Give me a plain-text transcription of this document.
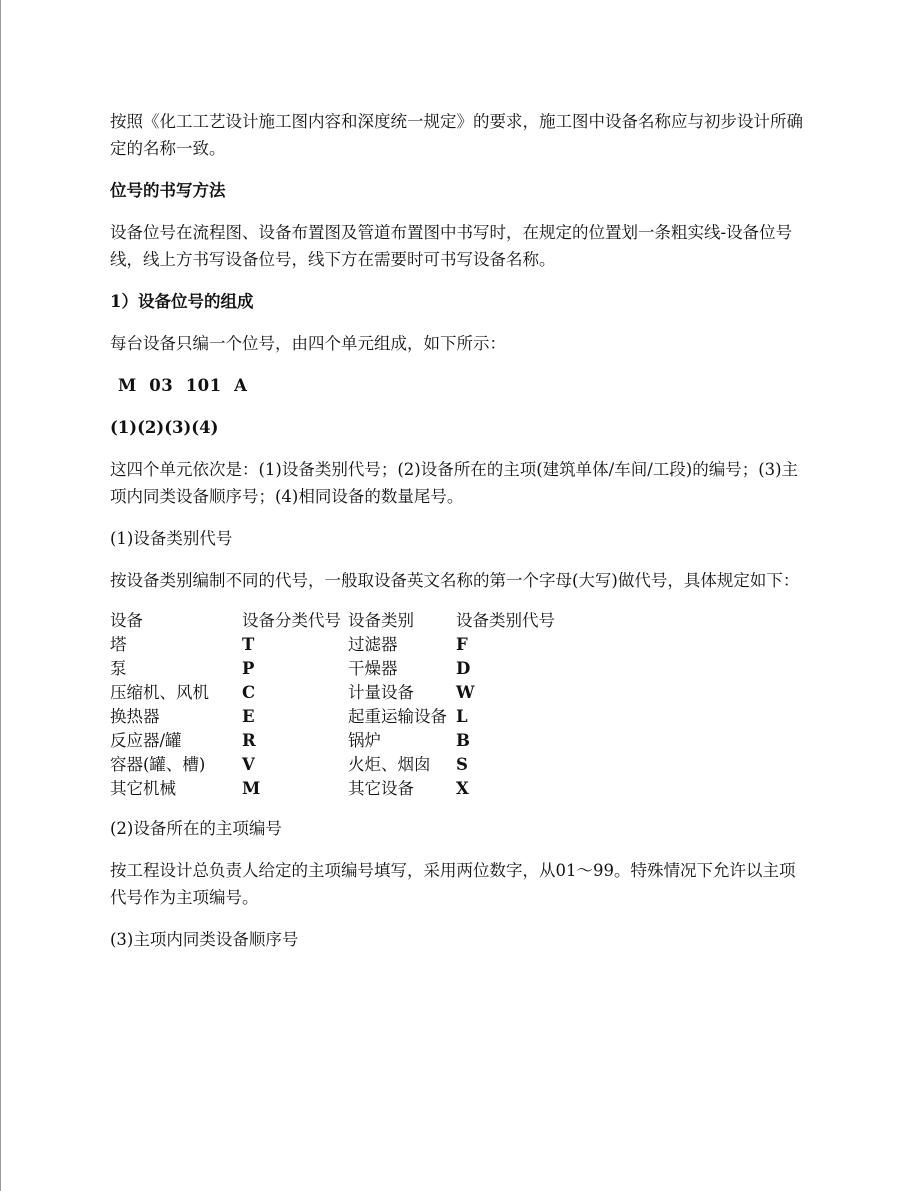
按照《化工工艺设计施工图内容和深度统一规定》的要求，施工图中设备名称应与初步设计所确定的名称一致。

位号的书写方法

设备位号在流程图、设备布置图及管道布置图中书写时，在规定的位置划一条粗实线-设备位号线，线上方书写设备位号，线下方在需要时可书写设备名称。

1）设备位号的组成

每台设备只编一个位号，由四个单元组成，如下所示：

M  03  101  A

(1)(2)(3)(4)

这四个单元依次是：(1)设备类别代号；(2)设备所在的主项(建筑单体/车间/工段)的编号；(3)主项内同类设备顺序号；(4)相同设备的数量尾号。

(1)设备类别代号

按设备类别编制不同的代号，一般取设备英文名称的第一个字母(大写)做代号，具体规定如下：

设备	设备分类代号	设备类别	设备类别代号
塔	T	过滤器	F
泵	P	干燥器	D
压缩机、风机	C	计量设备	W
换热器	E	起重运输设备	L
反应器/罐	R	锅炉	B
容器(罐、槽)	V	火炬、烟囱	S
其它机械	M	其它设备	X

(2)设备所在的主项编号

按工程设计总负责人给定的主项编号填写，采用两位数字，从01～99。特殊情况下允许以主项代号作为主项编号。

(3)主项内同类设备顺序号
